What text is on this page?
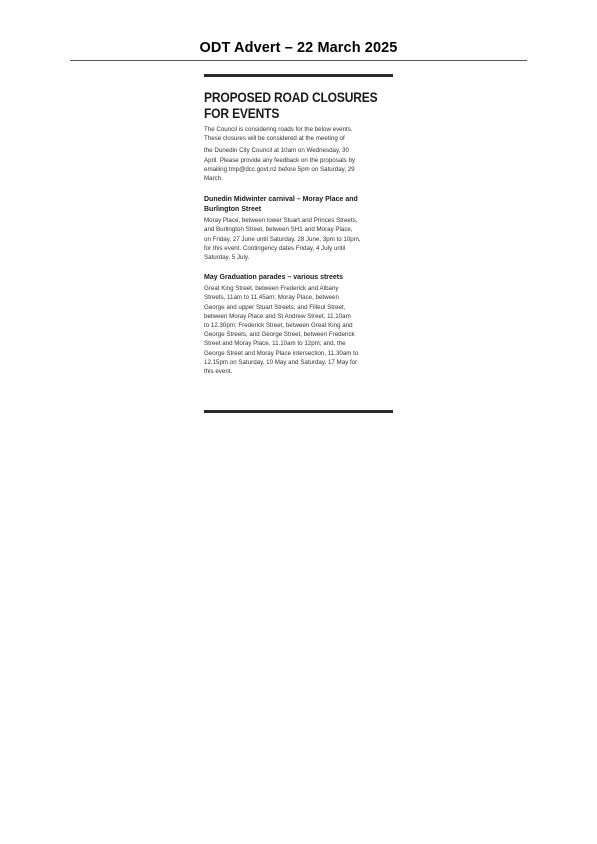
ODT Advert – 22 March 2025
PROPOSED ROAD CLOSURES
FOR EVENTS

The Council is considering roads for the below events.

These closures will be considered at the meeting of

the Dunedin City Council at 10am on Wednesday, 30

April. Please provide any feedback on the proposals by

emailing tmp@dcc.govt.nz before 5pm on Saturday, 29

March.

Dunedin Midwinter carnival – Moray Place and
Burlington Street
Moray Place, between lower Stuart and Princes Streets,
and Burlington Street, between SH1 and Moray Place,
on Friday, 27 June until Saturday, 28 June, 3pm to 10pm,
for this event. Contingency dates Friday, 4 July until
Saturday, 5 July.
May Graduation parades – various streets
Great King Street, between Frederick and Albany
Streets, 11am to 11.45am; Moray Place, between
George and upper Stuart Streets, and Filleul Street,
between Moray Place and St Andrew Street, 11.10am
to 12.30pm; Frederick Street, between Great King and
George Streets, and George Street, between Frederick
Street and Moray Place, 11.10am to 12pm; and, the
George Street and Moray Place intersection, 11.30am to
12.15pm on Saturday, 10 May and Saturday, 17 May for
this event.
